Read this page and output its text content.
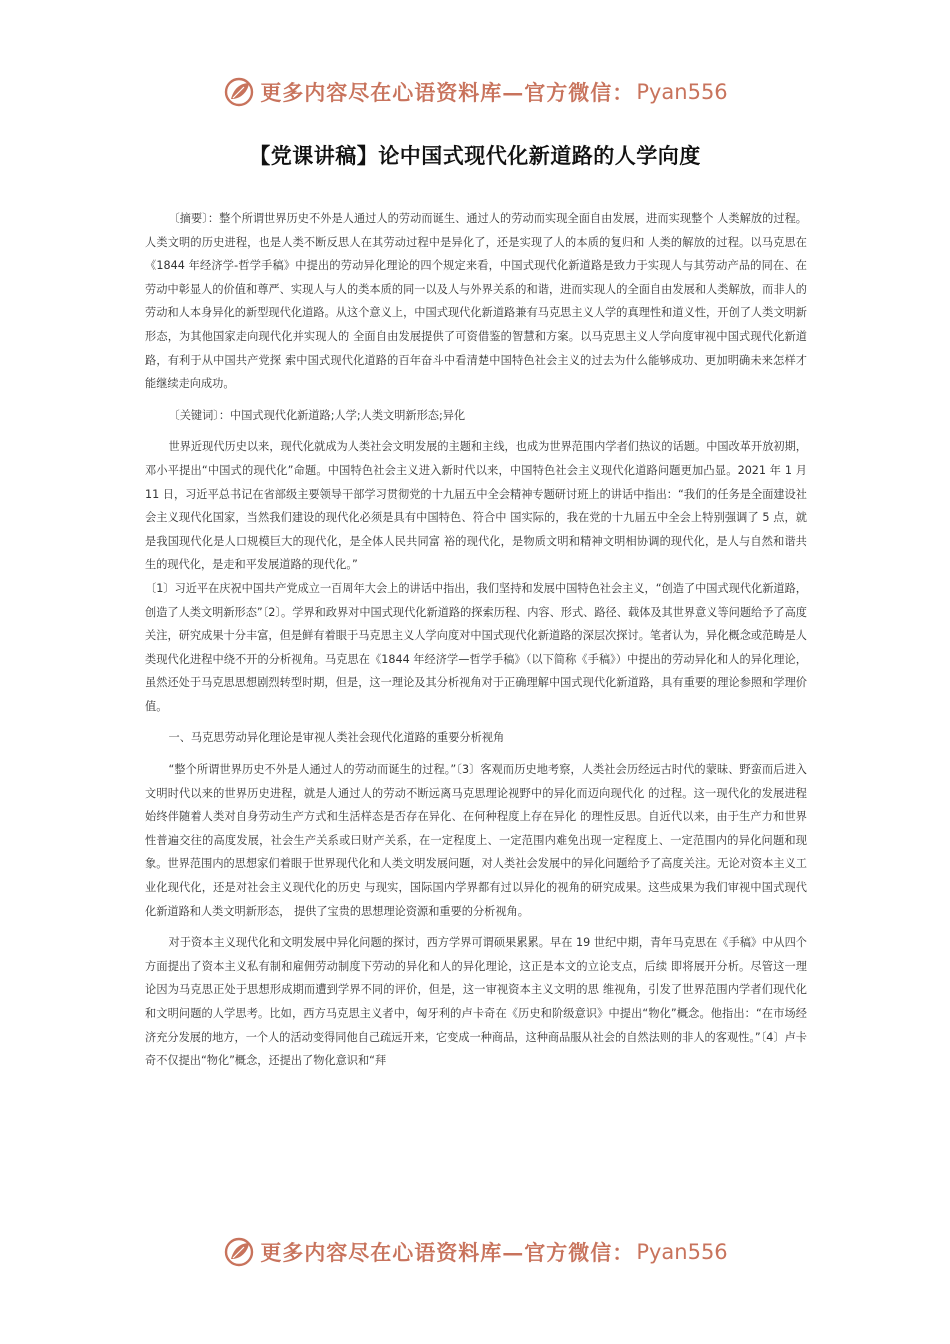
更多内容尽在心语资料库—官方微信： Pyan556
【党课讲稿】论中国式现代化新道路的人学向度

〔摘要〕：整个所谓世界历史不外是人通过人的劳动而诞生、通过人的劳动而实现全面自由发展，进而实现整个 人类解放的过程。人类文明的历史进程，也是人类不断反思人在其劳动过程中是异化了，还是实现了人的本质的复归和 人类的解放的过程。以马克思在《1844 年经济学-哲学手稿》中提出的劳动异化理论的四个规定来看，中国式现代化新道路是致力于实现人与其劳动产品的同在、在劳动中彰显人的价值和尊严、实现人与人的类本质的同一以及人与外界关系的和谐，进而实现人的全面自由发展和人类解放，而非人的劳动和人本身异化的新型现代化道路。从这个意义上，中国式现代化新道路兼有马克思主义人学的真理性和道义性，开创了人类文明新形态，为其他国家走向现代化并实现人的 全面自由发展提供了可资借鉴的智慧和方案。以马克思主义人学向度审视中国式现代化新道路，有利于从中国共产党探 索中国式现代化道路的百年奋斗中看清楚中国特色社会主义的过去为什么能够成功、更加明确未来怎样才能继续走向成功。

〔关键词〕：中国式现代化新道路;人学;人类文明新形态;异化

世界近现代历史以来，现代化就成为人类社会文明发展的主题和主线，也成为世界范围内学者们热议的话题。中国改革开放初期，邓小平提出“中国式的现代化”命题。中国特色社会主义进入新时代以来，中国特色社会主义现代化道路问题更加凸显。2021 年 1 月 11 日，习近平总书记在省部级主要领导干部学习贯彻党的十九届五中全会精神专题研讨班上的讲话中指出：“我们的任务是全面建设社会主义现代化国家，当然我们建设的现代化必须是具有中国特色、符合中 国实际的，我在党的十九届五中全会上特别强调了 5 点，就是我国现代化是人口规模巨大的现代化，是全体人民共同富 裕的现代化，是物质文明和精神文明相协调的现代化，是人与自然和谐共生的现代化，是走和平发展道路的现代化。”

〔1〕习近平在庆祝中国共产党成立一百周年大会上的讲话中指出，我们坚持和发展中国特色社会主义，“创造了中国式现代化新道路，创造了人类文明新形态”〔2〕。学界和政界对中国式现代化新道路的探索历程、内容、形式、路径、载体及其世界意义等问题给予了高度关注，研究成果十分丰富，但是鲜有着眼于马克思主义人学向度对中国式现代化新道路的深层次探讨。笔者认为，异化概念或范畴是人类现代化进程中绕不开的分析视角。马克思在《1844 年经济学—哲学手稿》（以下简称《手稿》）中提出的劳动异化和人的异化理论，虽然还处于马克思思想剧烈转型时期，但是，这一理论及其分析视角对于正确理解中国式现代化新道路，具有重要的理论参照和学理价值。

一、马克思劳动异化理论是审视人类社会现代化道路的重要分析视角

“整个所谓世界历史不外是人通过人的劳动而诞生的过程。”〔3〕客观而历史地考察，人类社会历经远古时代的蒙昧、野蛮而后进入文明时代以来的世界历史进程，就是人通过人的劳动不断远离马克思理论视野中的异化而迈向现代化 的过程。这一现代化的发展进程始终伴随着人类对自身劳动生产方式和生活样态是否存在异化、在何种程度上存在异化 的理性反思。自近代以来，由于生产力和世界性普遍交往的高度发展，社会生产关系或曰财产关系，在一定程度上、一定范围内难免出现一定程度上、一定范围内的异化问题和现象。世界范围内的思想家们着眼于世界现代化和人类文明发展问题，对人类社会发展中的异化问题给予了高度关注。无论对资本主义工业化现代化，还是对社会主义现代化的历史 与现实，国际国内学界都有过以异化的视角的研究成果。这些成果为我们审视中国式现代化新道路和人类文明新形态， 提供了宝贵的思想理论资源和重要的分析视角。

对于资本主义现代化和文明发展中异化问题的探讨，西方学界可谓硕果累累。早在 19 世纪中期，青年马克思在《手稿》中从四个方面提出了资本主义私有制和雇佣劳动制度下劳动的异化和人的异化理论，这正是本文的立论支点，后续 即将展开分析。尽管这一理论因为马克思正处于思想形成期而遭到学界不同的评价，但是，这一审视资本主义文明的思 维视角，引发了世界范围内学者们现代化和文明问题的人学思考。比如，西方马克思主义者中，匈牙利的卢卡奇在《历史和阶级意识》中提出“物化”概念。他指出：“在市场经济充分发展的地方，一个人的活动变得同他自己疏远开来，它变成一种商品，这种商品服从社会的自然法则的非人的客观性。”〔4〕卢卡奇不仅提出“物化”概念，还提出了物化意识和“拜

更多内容尽在心语资料库—官方微信： Pyan556
